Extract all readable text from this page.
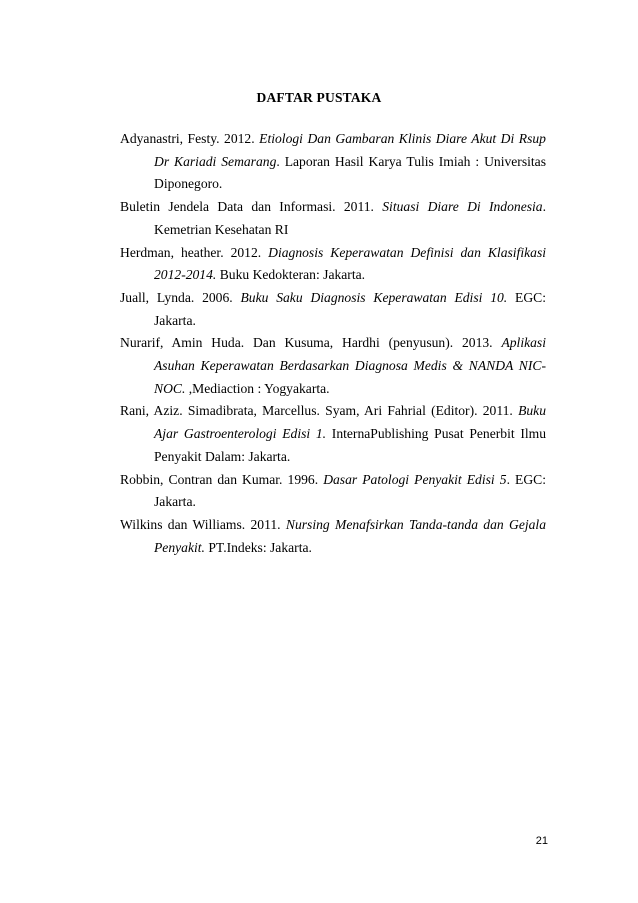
DAFTAR PUSTAKA

Adyanastri, Festy. 2012. Etiologi Dan Gambaran Klinis Diare Akut Di Rsup Dr Kariadi Semarang. Laporan Hasil Karya Tulis Imiah : Universitas Diponegoro.

Buletin Jendela Data dan Informasi. 2011. Situasi Diare Di Indonesia. Kemetrian Kesehatan RI

Herdman, heather. 2012. Diagnosis Keperawatan Definisi dan Klasifikasi 2012-2014. Buku Kedokteran: Jakarta.

Juall, Lynda. 2006. Buku Saku Diagnosis Keperawatan Edisi 10. EGC: Jakarta.

Nurarif, Amin Huda. Dan Kusuma, Hardhi (penyusun). 2013. Aplikasi Asuhan Keperawatan Berdasarkan Diagnosa Medis & NANDA NIC-NOC. ,Mediaction : Yogyakarta.

Rani, Aziz. Simadibrata, Marcellus. Syam, Ari Fahrial (Editor). 2011. Buku Ajar Gastroenterologi Edisi 1. InternaPublishing Pusat Penerbit Ilmu Penyakit Dalam: Jakarta.

Robbin, Contran dan Kumar. 1996. Dasar Patologi Penyakit Edisi 5. EGC: Jakarta.

Wilkins dan Williams. 2011. Nursing Menafsirkan Tanda-tanda dan Gejala Penyakit. PT.Indeks: Jakarta.

21
